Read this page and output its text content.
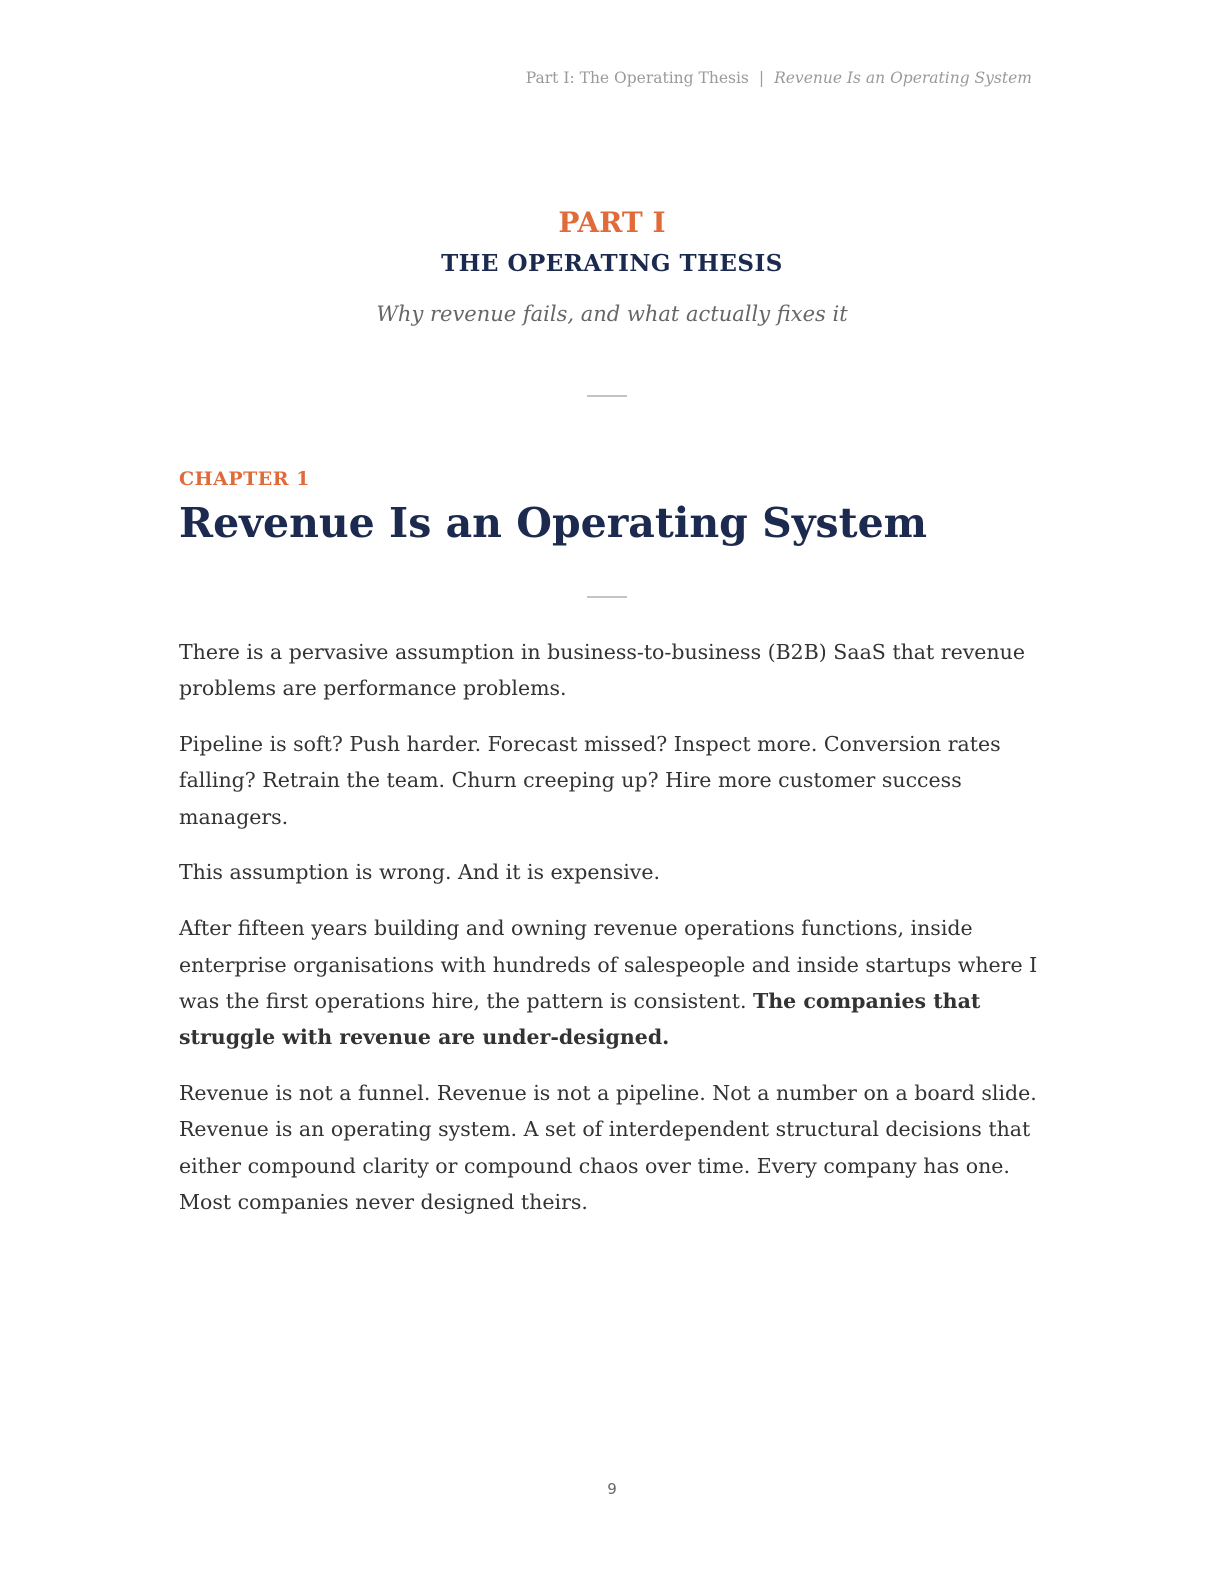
Part I: The Operating Thesis | Revenue Is an Operating System
PART I
THE OPERATING THESIS
Why revenue fails, and what actually fixes it
CHAPTER 1
Revenue Is an Operating System

There is a pervasive assumption in business-to-business (B2B) SaaS that revenue problems are performance problems.

Pipeline is soft? Push harder. Forecast missed? Inspect more. Conversion rates falling? Retrain the team. Churn creeping up? Hire more customer success managers.

This assumption is wrong. And it is expensive.

After fifteen years building and owning revenue operations functions, inside enterprise organisations with hundreds of salespeople and inside startups where I was the first operations hire, the pattern is consistent. The companies that struggle with revenue are under-designed.

Revenue is not a funnel. Revenue is not a pipeline. Not a number on a board slide. Revenue is an operating system. A set of interdependent structural decisions that either compound clarity or compound chaos over time. Every company has one. Most companies never designed theirs.

9
